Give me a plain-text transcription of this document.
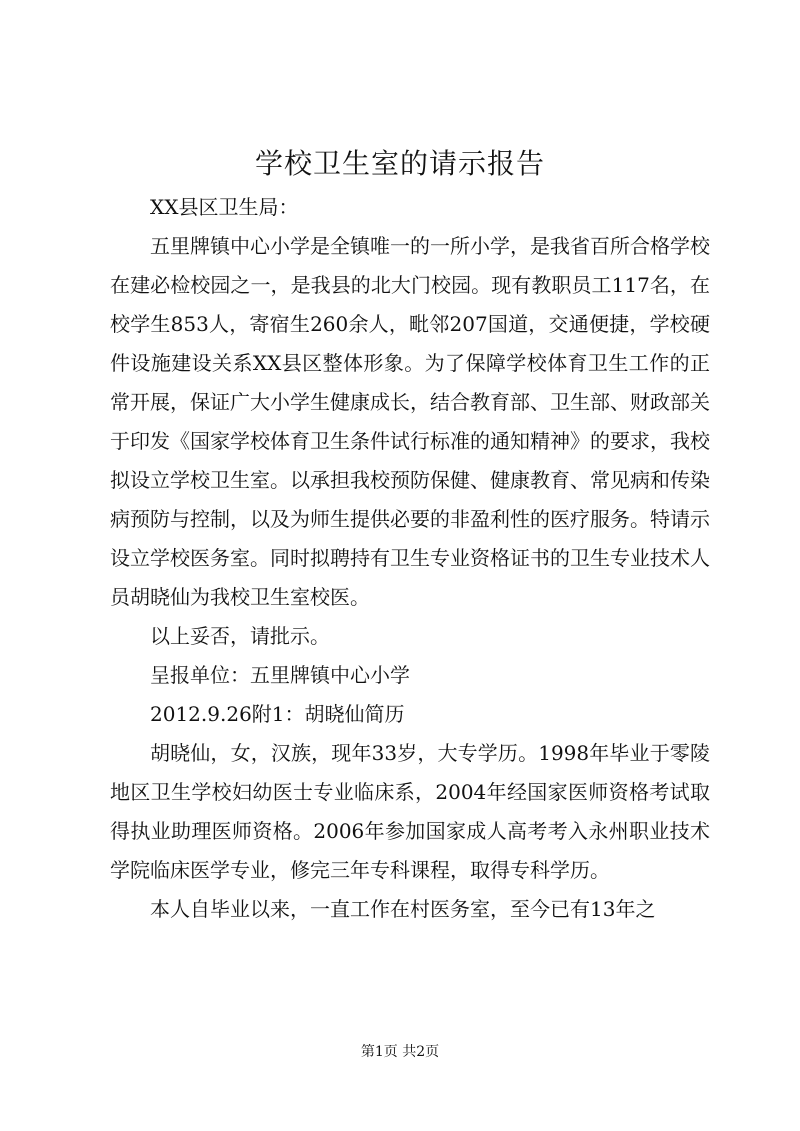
学校卫生室的请示报告

XX县区卫生局：

五里牌镇中心小学是全镇唯一的一所小学，是我省百所合格学校在建必检校园之一，是我县的北大门校园。现有教职员工117名，在校学生853人，寄宿生260余人，毗邻207国道，交通便捷，学校硬件设施建设关系XX县区整体形象。为了保障学校体育卫生工作的正常开展，保证广大小学生健康成长，结合教育部、卫生部、财政部关于印发《国家学校体育卫生条件试行标准的通知精神》的要求，我校拟设立学校卫生室。以承担我校预防保健、健康教育、常见病和传染病预防与控制，以及为师生提供必要的非盈利性的医疗服务。特请示设立学校医务室。同时拟聘持有卫生专业资格证书的卫生专业技术人员胡晓仙为我校卫生室校医。

以上妥否，请批示。

呈报单位：五里牌镇中心小学

2012.9.26附1：胡晓仙简历

胡晓仙，女，汉族，现年33岁，大专学历。1998年毕业于零陵地区卫生学校妇幼医士专业临床系，2004年经国家医师资格考试取得执业助理医师资格。2006年参加国家成人高考考入永州职业技术学院临床医学专业，修完三年专科课程，取得专科学历。

本人自毕业以来，一直工作在村医务室，至今已有13年之

第1页 共2页
